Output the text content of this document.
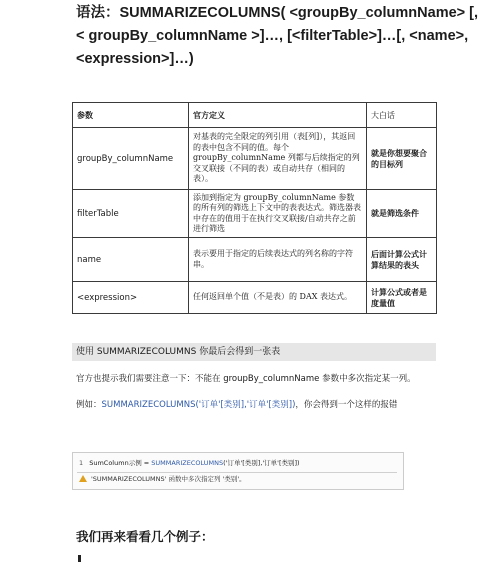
语法：SUMMARIZECOLUMNS( <groupBy_columnName> [,
< groupBy_columnName >]…, [<filterTable>]…[, <name>,
<expression>]…)
参数	官方定义	大白话
groupBy_columnName	对基表的完全限定的列引用（表[列]），其返回的表中包含不同的值。每个 groupBy_columnName 列都与后续指定的列交叉联接（不同的表）或自动共存（相同的表）。	就是你想要聚合的目标列
filterTable	添加到指定为 groupBy_columnName 参数的所有列的筛选上下文中的表表达式。筛选器表中存在的值用于在执行交叉联接/自动共存之前进行筛选	就是筛选条件
name	表示要用于指定的后续表达式的列名称的字符串。	后面计算公式计算结果的表头
<expression>	任何返回单个值（不是表）的 DAX 表达式。	计算公式或者是度量值
使用 SUMMARIZECOLUMNS 你最后会得到一张表
官方也提示我们需要注意一下：不能在 groupBy_columnName 参数中多次指定某一列。
例如：SUMMARIZECOLUMNS('订单'[类别],'订单'[类别])，你会得到一个这样的报错
1 SumColumn示例 = SUMMARIZECOLUMNS('订单'[类别],'订单'[类别])
'SUMMARIZECOLUMNS' 函数中多次指定列 '类别'。
我们再来看看几个例子：
